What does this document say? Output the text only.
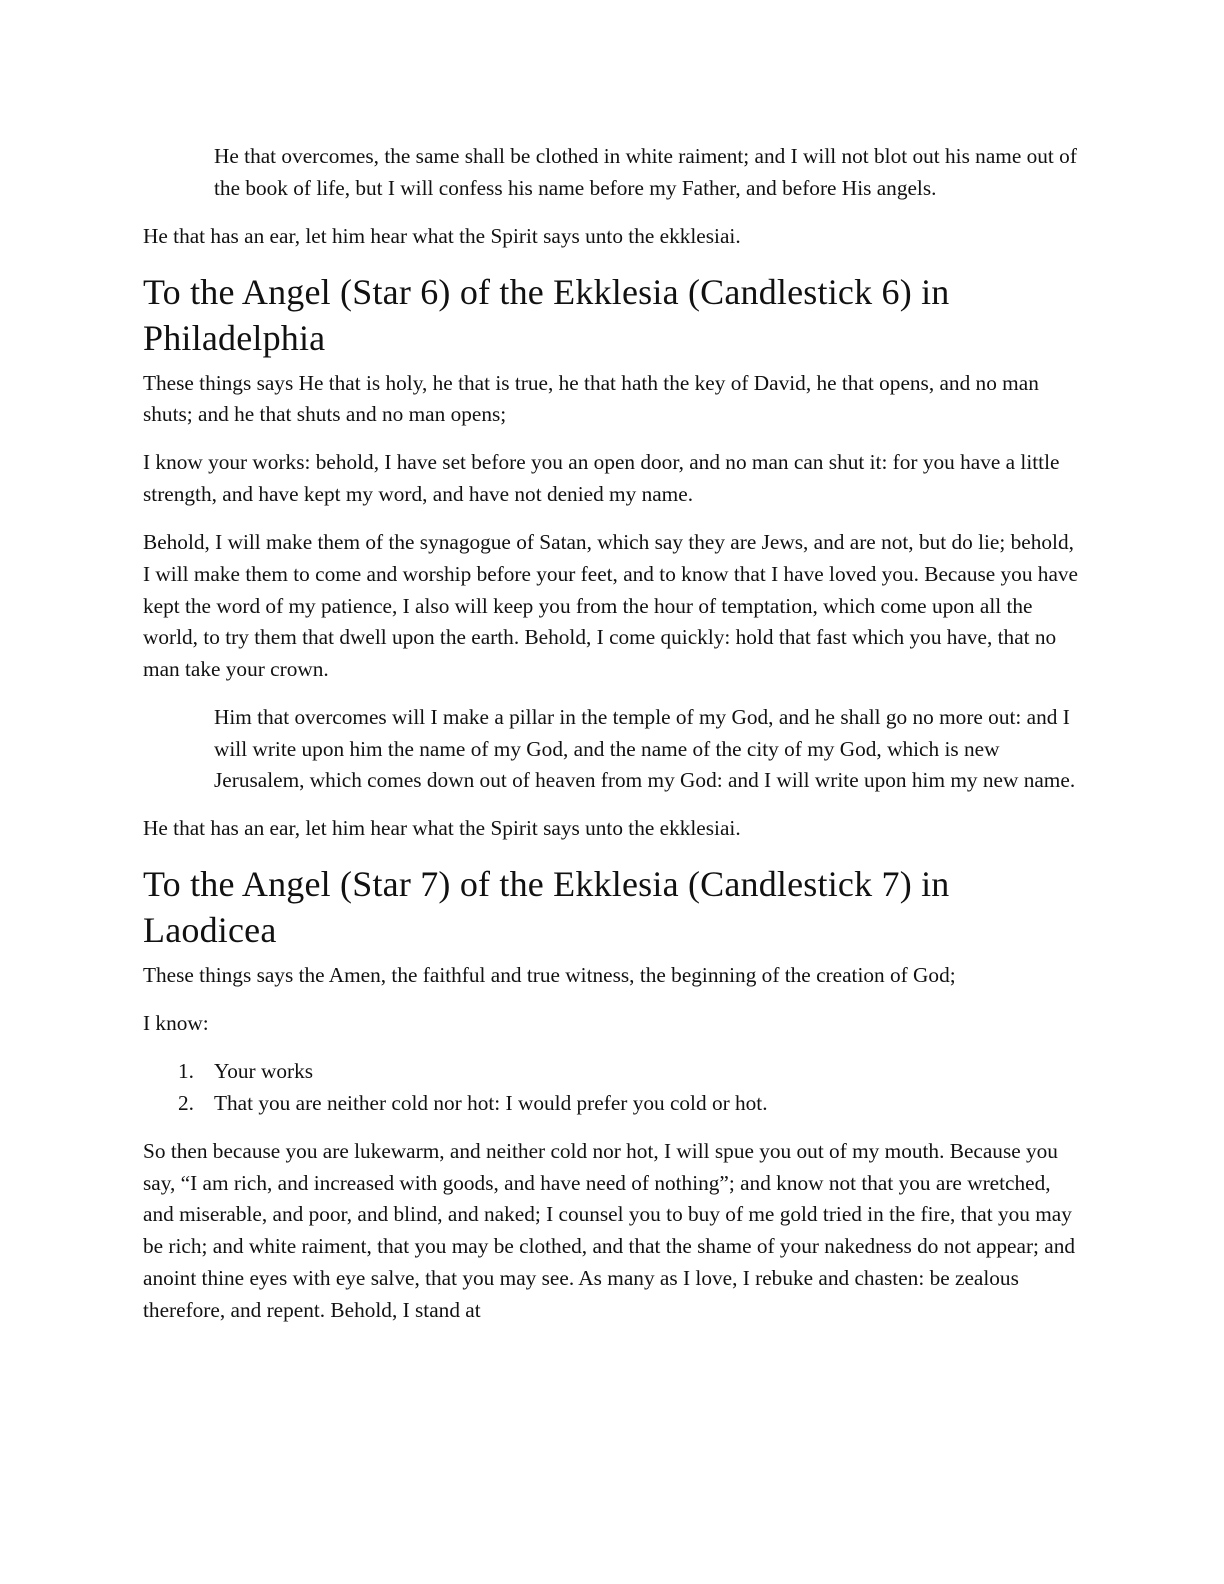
He that overcomes, the same shall be clothed in white raiment; and I will not blot out his name out of the book of life, but I will confess his name before my Father, and before His angels.

He that has an ear, let him hear what the Spirit says unto the ekklesiai.

To the Angel (Star 6) of the Ekklesia (Candlestick 6) in Philadelphia

These things says He that is holy, he that is true, he that hath the key of David, he that opens, and no man shuts; and he that shuts and no man opens;

I know your works: behold, I have set before you an open door, and no man can shut it: for you have a little strength, and have kept my word, and have not denied my name.

Behold, I will make them of the synagogue of Satan, which say they are Jews, and are not, but do lie; behold, I will make them to come and worship before your feet, and to know that I have loved you. Because you have kept the word of my patience, I also will keep you from the hour of temptation, which come upon all the world, to try them that dwell upon the earth. Behold, I come quickly: hold that fast which you have, that no man take your crown.

Him that overcomes will I make a pillar in the temple of my God, and he shall go no more out: and I will write upon him the name of my God, and the name of the city of my God, which is new Jerusalem, which comes down out of heaven from my God: and I will write upon him my new name.

He that has an ear, let him hear what the Spirit says unto the ekklesiai.

To the Angel (Star 7) of the Ekklesia (Candlestick 7) in Laodicea

These things says the Amen, the faithful and true witness, the beginning of the creation of God;

I know:

1. Your works
2. That you are neither cold nor hot: I would prefer you cold or hot.

So then because you are lukewarm, and neither cold nor hot, I will spue you out of my mouth. Because you say, “I am rich, and increased with goods, and have need of nothing”; and know not that you are wretched, and miserable, and poor, and blind, and naked; I counsel you to buy of me gold tried in the fire, that you may be rich; and white raiment, that you may be clothed, and that the shame of your nakedness do not appear; and anoint thine eyes with eye salve, that you may see. As many as I love, I rebuke and chasten: be zealous therefore, and repent. Behold, I stand at
